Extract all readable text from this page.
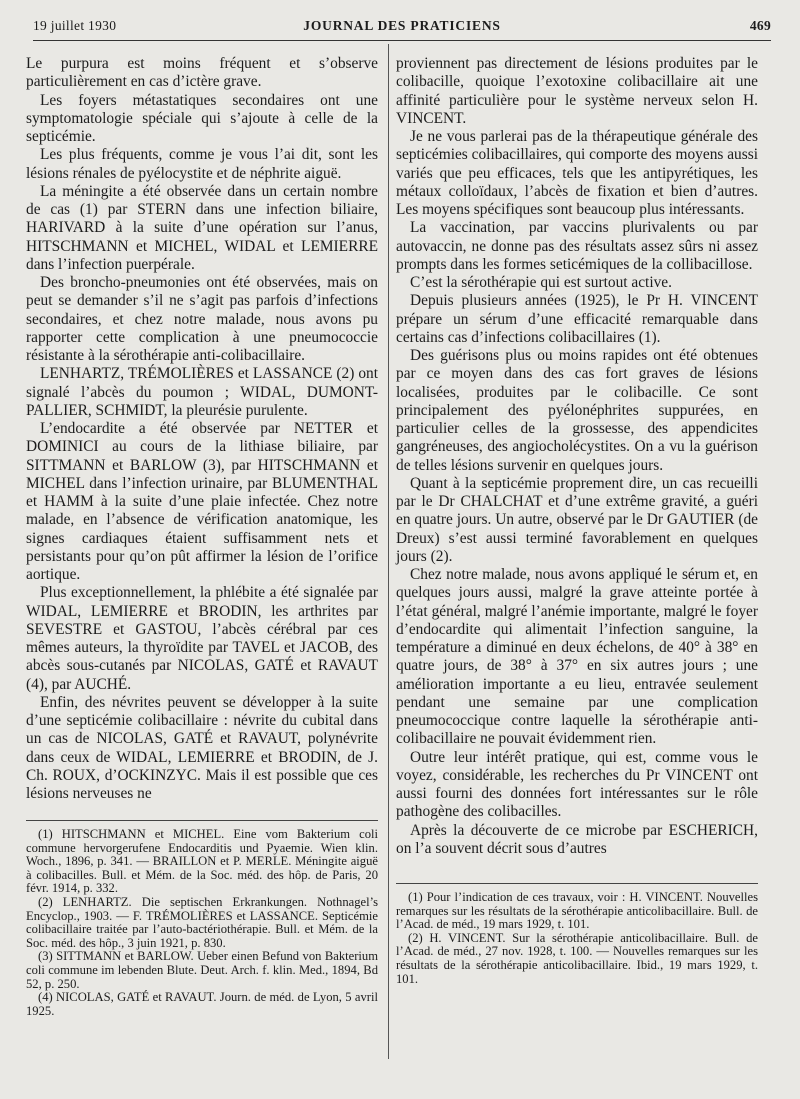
19 juillet 1930	JOURNAL DES PRATICIENS	469

Le purpura est moins fréquent et s’observe particulièrement en cas d’ictère grave.

Les foyers métastatiques secondaires ont une symptomatologie spéciale qui s’ajoute à celle de la septicémie.

Les plus fréquents, comme je vous l’ai dit, sont les lésions rénales de pyélocystite et de néphrite aiguë.

La méningite a été observée dans un certain nombre de cas (1) par STERN dans une infection biliaire, HARIVARD à la suite d’une opération sur l’anus, HITSCHMANN et MICHEL, WIDAL et LEMIERRE dans l’infection puerpérale.

Des broncho-pneumonies ont été observées, mais on peut se demander s’il ne s’agit pas parfois d’infections secondaires, et chez notre malade, nous avons pu rapporter cette complication à une pneumococcie résistante à la sérothérapie anti-colibacillaire.

LENHARTZ, TRÉMOLIÈRES et LASSANCE (2) ont signalé l’abcès du poumon ; WIDAL, DUMONT-PALLIER, SCHMIDT, la pleurésie purulente.

L’endocardite a été observée par NETTER et DOMINICI au cours de la lithiase biliaire, par SITTMANN et BARLOW (3), par HITSCHMANN et MICHEL dans l’infection urinaire, par BLUMENTHAL et HAMM à la suite d’une plaie infectée. Chez notre malade, en l’absence de vérification anatomique, les signes cardiaques étaient suffisamment nets et persistants pour qu’on pût affirmer la lésion de l’orifice aortique.

Plus exceptionnellement, la phlébite a été signalée par WIDAL, LEMIERRE et BRODIN, les arthrites par SEVESTRE et GASTOU, l’abcès cérébral par ces mêmes auteurs, la thyroïdite par TAVEL et JACOB, des abcès sous-cutanés par NICOLAS, GATÉ et RAVAUT (4), par AUCHÉ.

Enfin, des névrites peuvent se développer à la suite d’une septicémie colibacillaire : névrite du cubital dans un cas de NICOLAS, GATÉ et RAVAUT, polynévrite dans ceux de WIDAL, LEMIERRE et BRODIN, de J. Ch. ROUX, d’OCKINZYC. Mais il est possible que ces lésions nerveuses ne

(1) HITSCHMANN et MICHEL. Eine vom Bakterium coli commune hervorgerufene Endocarditis und Pyaemie. Wien klin. Woch., 1896, p. 341. — BRAILLON et P. MERLE. Méningite aiguë à colibacilles. Bull. et Mém. de la Soc. méd. des hôp. de Paris, 20 févr. 1914, p. 332.

(2) LENHARTZ. Die septischen Erkrankungen. Nothnagel’s Encyclop., 1903. — F. TRÉMOLIÈRES et LASSANCE. Septicémie colibacillaire traitée par l’auto-bactériothérapie. Bull. et Mém. de la Soc. méd. des hôp., 3 juin 1921, p. 830.

(3) SITTMANN et BARLOW. Ueber einen Befund von Bakterium coli commune im lebenden Blute. Deut. Arch. f. klin. Med., 1894, Bd 52, p. 250.

(4) NICOLAS, GATÉ et RAVAUT. Journ. de méd. de Lyon, 5 avril 1925.

proviennent pas directement de lésions produites par le colibacille, quoique l’exotoxine colibacillaire ait une affinité particulière pour le système nerveux selon H. VINCENT.

Je ne vous parlerai pas de la thérapeutique générale des septicémies colibacillaires, qui comporte des moyens aussi variés que peu efficaces, tels que les antipyrétiques, les métaux colloïdaux, l’abcès de fixation et bien d’autres. Les moyens spécifiques sont beaucoup plus intéressants.

La vaccination, par vaccins plurivalents ou par autovaccin, ne donne pas des résultats assez sûrs ni assez prompts dans les formes seticémiques de la collibacillose.

C’est la sérothérapie qui est surtout active.

Depuis plusieurs années (1925), le Pr H. VINCENT prépare un sérum d’une efficacité remarquable dans certains cas d’infections colibacillaires (1).

Des guérisons plus ou moins rapides ont été obtenues par ce moyen dans des cas fort graves de lésions localisées, produites par le colibacille. Ce sont principalement des pyélonéphrites suppurées, en particulier celles de la grossesse, des appendicites gangréneuses, des angiocholécystites. On a vu la guérison de telles lésions survenir en quelques jours.

Quant à la septicémie proprement dire, un cas recueilli par le Dr CHALCHAT et d’une extrême gravité, a guéri en quatre jours. Un autre, observé par le Dr GAUTIER (de Dreux) s’est aussi terminé favorablement en quelques jours (2).

Chez notre malade, nous avons appliqué le sérum et, en quelques jours aussi, malgré la grave atteinte portée à l’état général, malgré l’anémie importante, malgré le foyer d’endocardite qui alimentait l’infection sanguine, la température a diminué en deux échelons, de 40° à 38° en quatre jours, de 38° à 37° en six autres jours ; une amélioration importante a eu lieu, entravée seulement pendant une semaine par une complication pneumococcique contre laquelle la sérothérapie anti-colibacillaire ne pouvait évidemment rien.

Outre leur intérêt pratique, qui est, comme vous le voyez, considérable, les recherches du Pr VINCENT ont aussi fourni des données fort intéressantes sur le rôle pathogène des colibacilles.

Après la découverte de ce microbe par ESCHERICH, on l’a souvent décrit sous d’autres

(1) Pour l’indication de ces travaux, voir : H. VINCENT. Nouvelles remarques sur les résultats de la sérothérapie anticolibacillaire. Bull. de l’Acad. de méd., 19 mars 1929, t. 101.

(2) H. VINCENT. Sur la sérothérapie anticolibacillaire. Bull. de l’Acad. de méd., 27 nov. 1928, t. 100. — Nouvelles remarques sur les résultats de la sérothérapie anticolibacillaire. Ibid., 19 mars 1929, t. 101.
